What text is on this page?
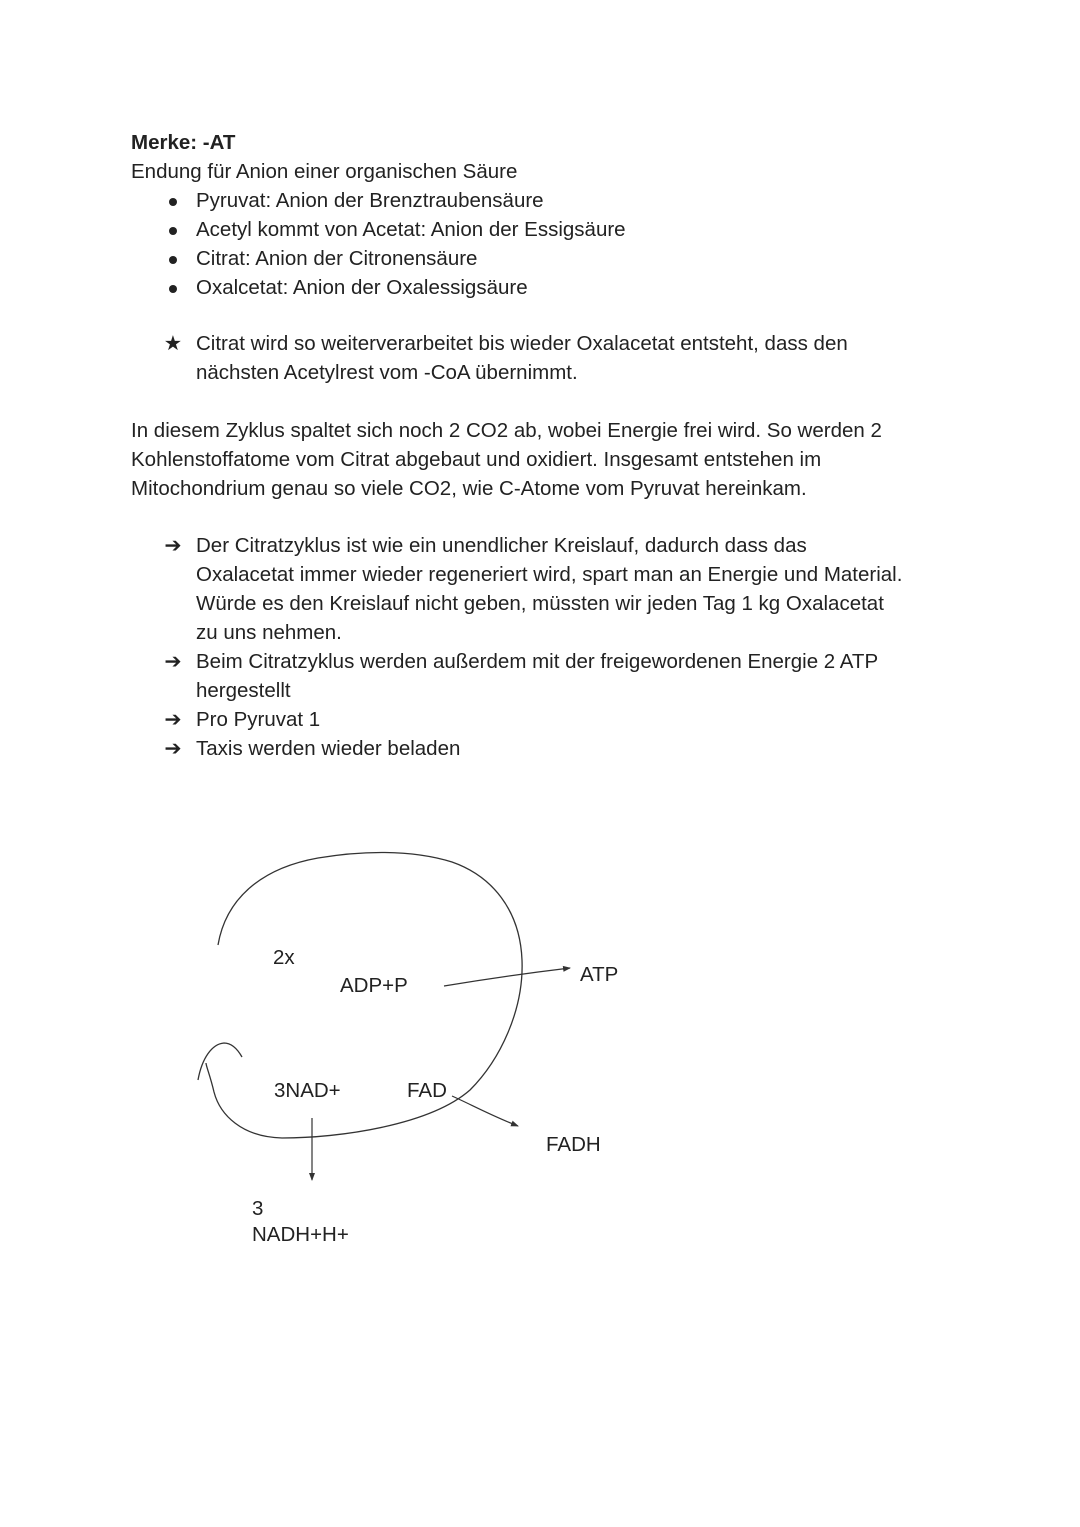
Merke: -AT
Endung für Anion einer organischen Säure
Pyruvat: Anion der Brenztraubensäure
Acetyl kommt von Acetat: Anion der Essigsäure
Citrat: Anion der Citronensäure
Oxalcetat: Anion der Oxalessigsäure
★ Citrat wird so weiterverarbeitet bis wieder Oxalacetat entsteht, dass den
nächsten Acetylrest vom -CoA übernimmt.
In diesem Zyklus spaltet sich noch 2 CO2 ab, wobei Energie frei wird. So werden 2
Kohlenstoffatome vom Citrat abgebaut und oxidiert. Insgesamt entstehen im
Mitochondrium genau so viele CO2, wie C-Atome vom Pyruvat hereinkam.
➔ Der Citratzyklus ist wie ein unendlicher Kreislauf, dadurch dass das
Oxalacetat immer wieder regeneriert wird, spart man an Energie und Material.
Würde es den Kreislauf nicht geben, müssten wir jeden Tag 1 kg Oxalacetat
zu uns nehmen.
➔ Beim Citratzyklus werden außerdem mit der freigewordenen Energie 2 ATP
hergestellt
➔ Pro Pyruvat 1
➔ Taxis werden wieder beladen
2x
ADP+P	ATP
3NAD+	FAD
FADH
3
NADH+H+
